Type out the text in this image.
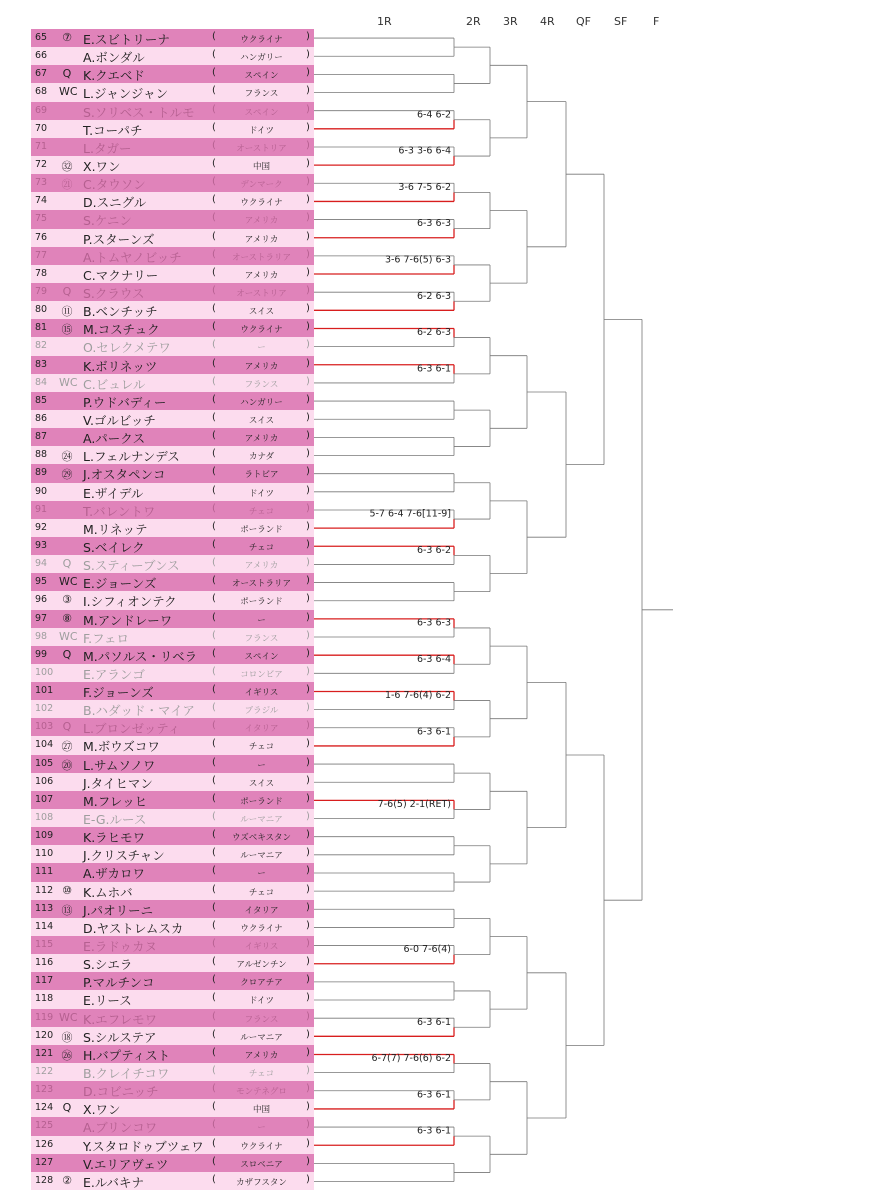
1R	2R 3R 4R QF SF F
65 ⑦ E.スビトリーナ	ウクライナ
(	)
66	A.ボンダル	ハンガリー
(	)
67	Q K.クエベド	スペイン
(	)
68 WC L.ジャンジャン	フランス
(	)
69	S.ソリベス・トルモ	スペイン
(	)
70	T.コーパチ	ドイツ
(	)
71	L.タガー	オーストリア
(	)
72 ㉜ X.ワン	中国
(	)
73 ㉑ C.タウソン	デンマーク
(	)
74	D.スニグル	ウクライナ
(	)
75	S.ケニン	アメリカ
(	)
76	P.スターンズ	アメリカ
(	)
77	A.トムヤノビッチ	オーストラリア
(	)
78	C.マクナリー	アメリカ
(	)
79	Q S.クラウス	オーストリア
(	)
80 ⑪ B.ベンチッチ	スイス
(	)
81 ⑮ M.コスチュク	ウクライナ
(	)
82	O.セレクメテワ	ー
(	)
83	K.ボリネッツ	アメリカ
(	)
84 WC C.ビュレル	フランス
(	)
85	P.ウドバディー	ハンガリー
(	)
86	V.ゴルビッチ	スイス
(	)
87	A.パークス	アメリカ
(	)
88 ㉔ L.フェルナンデス	カナダ
(	)
89 ㉙ J.オスタペンコ	ラトビア
(	)
90	E.ザイデル	ドイツ
(	)
91	T.バレントワ	チェコ
(	)
92	M.リネッテ	ポーランド
(	)
93	S.ベイレク	チェコ
(	)
94	Q S.スティーブンス	アメリカ
(	)
95 WC E.ジョーンズ	オーストラリア
(	)
96 ③ I.シフィオンテク	ポーランド
(	)
97 ⑧ M.アンドレーワ	ー
(	)
98 WC F.フェロ	フランス
(	)
99	Q M.パソルス・リベラ	スペイン
(	)
100 E.アランゴ	コロンビア
(	)
101 F.ジョーンズ	イギリス
(	)
102 B.ハダッド・マイア	ブラジル
(	)
103 Q L.ブロンゼッティ	イタリア
(	)
104 ㉗ M.ボウズコワ	チェコ
(	)
105 ⑳ L.サムソノワ	ー
(	)
106 J.タイヒマン	スイス
(	)
107 M.フレッヒ	ポーランド
(	)
108 E-G.ルース	ルーマニア
(	)
109 K.ラヒモワ	ウズベキスタン
(	)
110 J.クリスチャン	ルーマニア
(	)
111 A.ザカロワ	ー
(	)
112 ⑩ K.ムホバ	チェコ
(	)
113 ⑬ J.パオリーニ	イタリア
(	)
114 D.ヤストレムスカ	ウクライナ
(	)
115 E.ラドゥカヌ	イギリス
(	)
116 S.シエラ	アルゼンチン
(	)
117 P.マルチンコ	クロアチア
(	)
118 E.リース	ドイツ
(	)
119 WC K.エフレモワ	フランス
(	)
120 ⑱ S.シルステア	ルーマニア
(	)
121 ㉖ H.バプティスト	アメリカ
(	)
122 B.クレイチコワ	チェコ
(	)
123 D.コビニッチ	モンテネグロ
(	)
124 Q X.ワン	中国
(	)
125 A.ブリンコワ	ー
(	)
126 Y.スタロドゥブツェワ	ウクライナ
(	)
127 V.エリアヴェツ	スロベニア
(	)
128 ② E.ルバキナ	カザフスタン
(	)
6-4 6-2
6-3 3-6 6-4
3-6 7-5 6-2
6-3 6-3
3-6 7-6(5) 6-3
6-2 6-3
6-2 6-3
6-3 6-1
5-7 6-4 7-6[11-9]
6-3 6-2
6-3 6-3
6-3 6-4
1-6 7-6(4) 6-2
6-3 6-1
7-6(5) 2-1(RET)
6-0 7-6(4)
6-3 6-1
6-7(7) 7-6(6) 6-2
6-3 6-1
6-3 6-1
